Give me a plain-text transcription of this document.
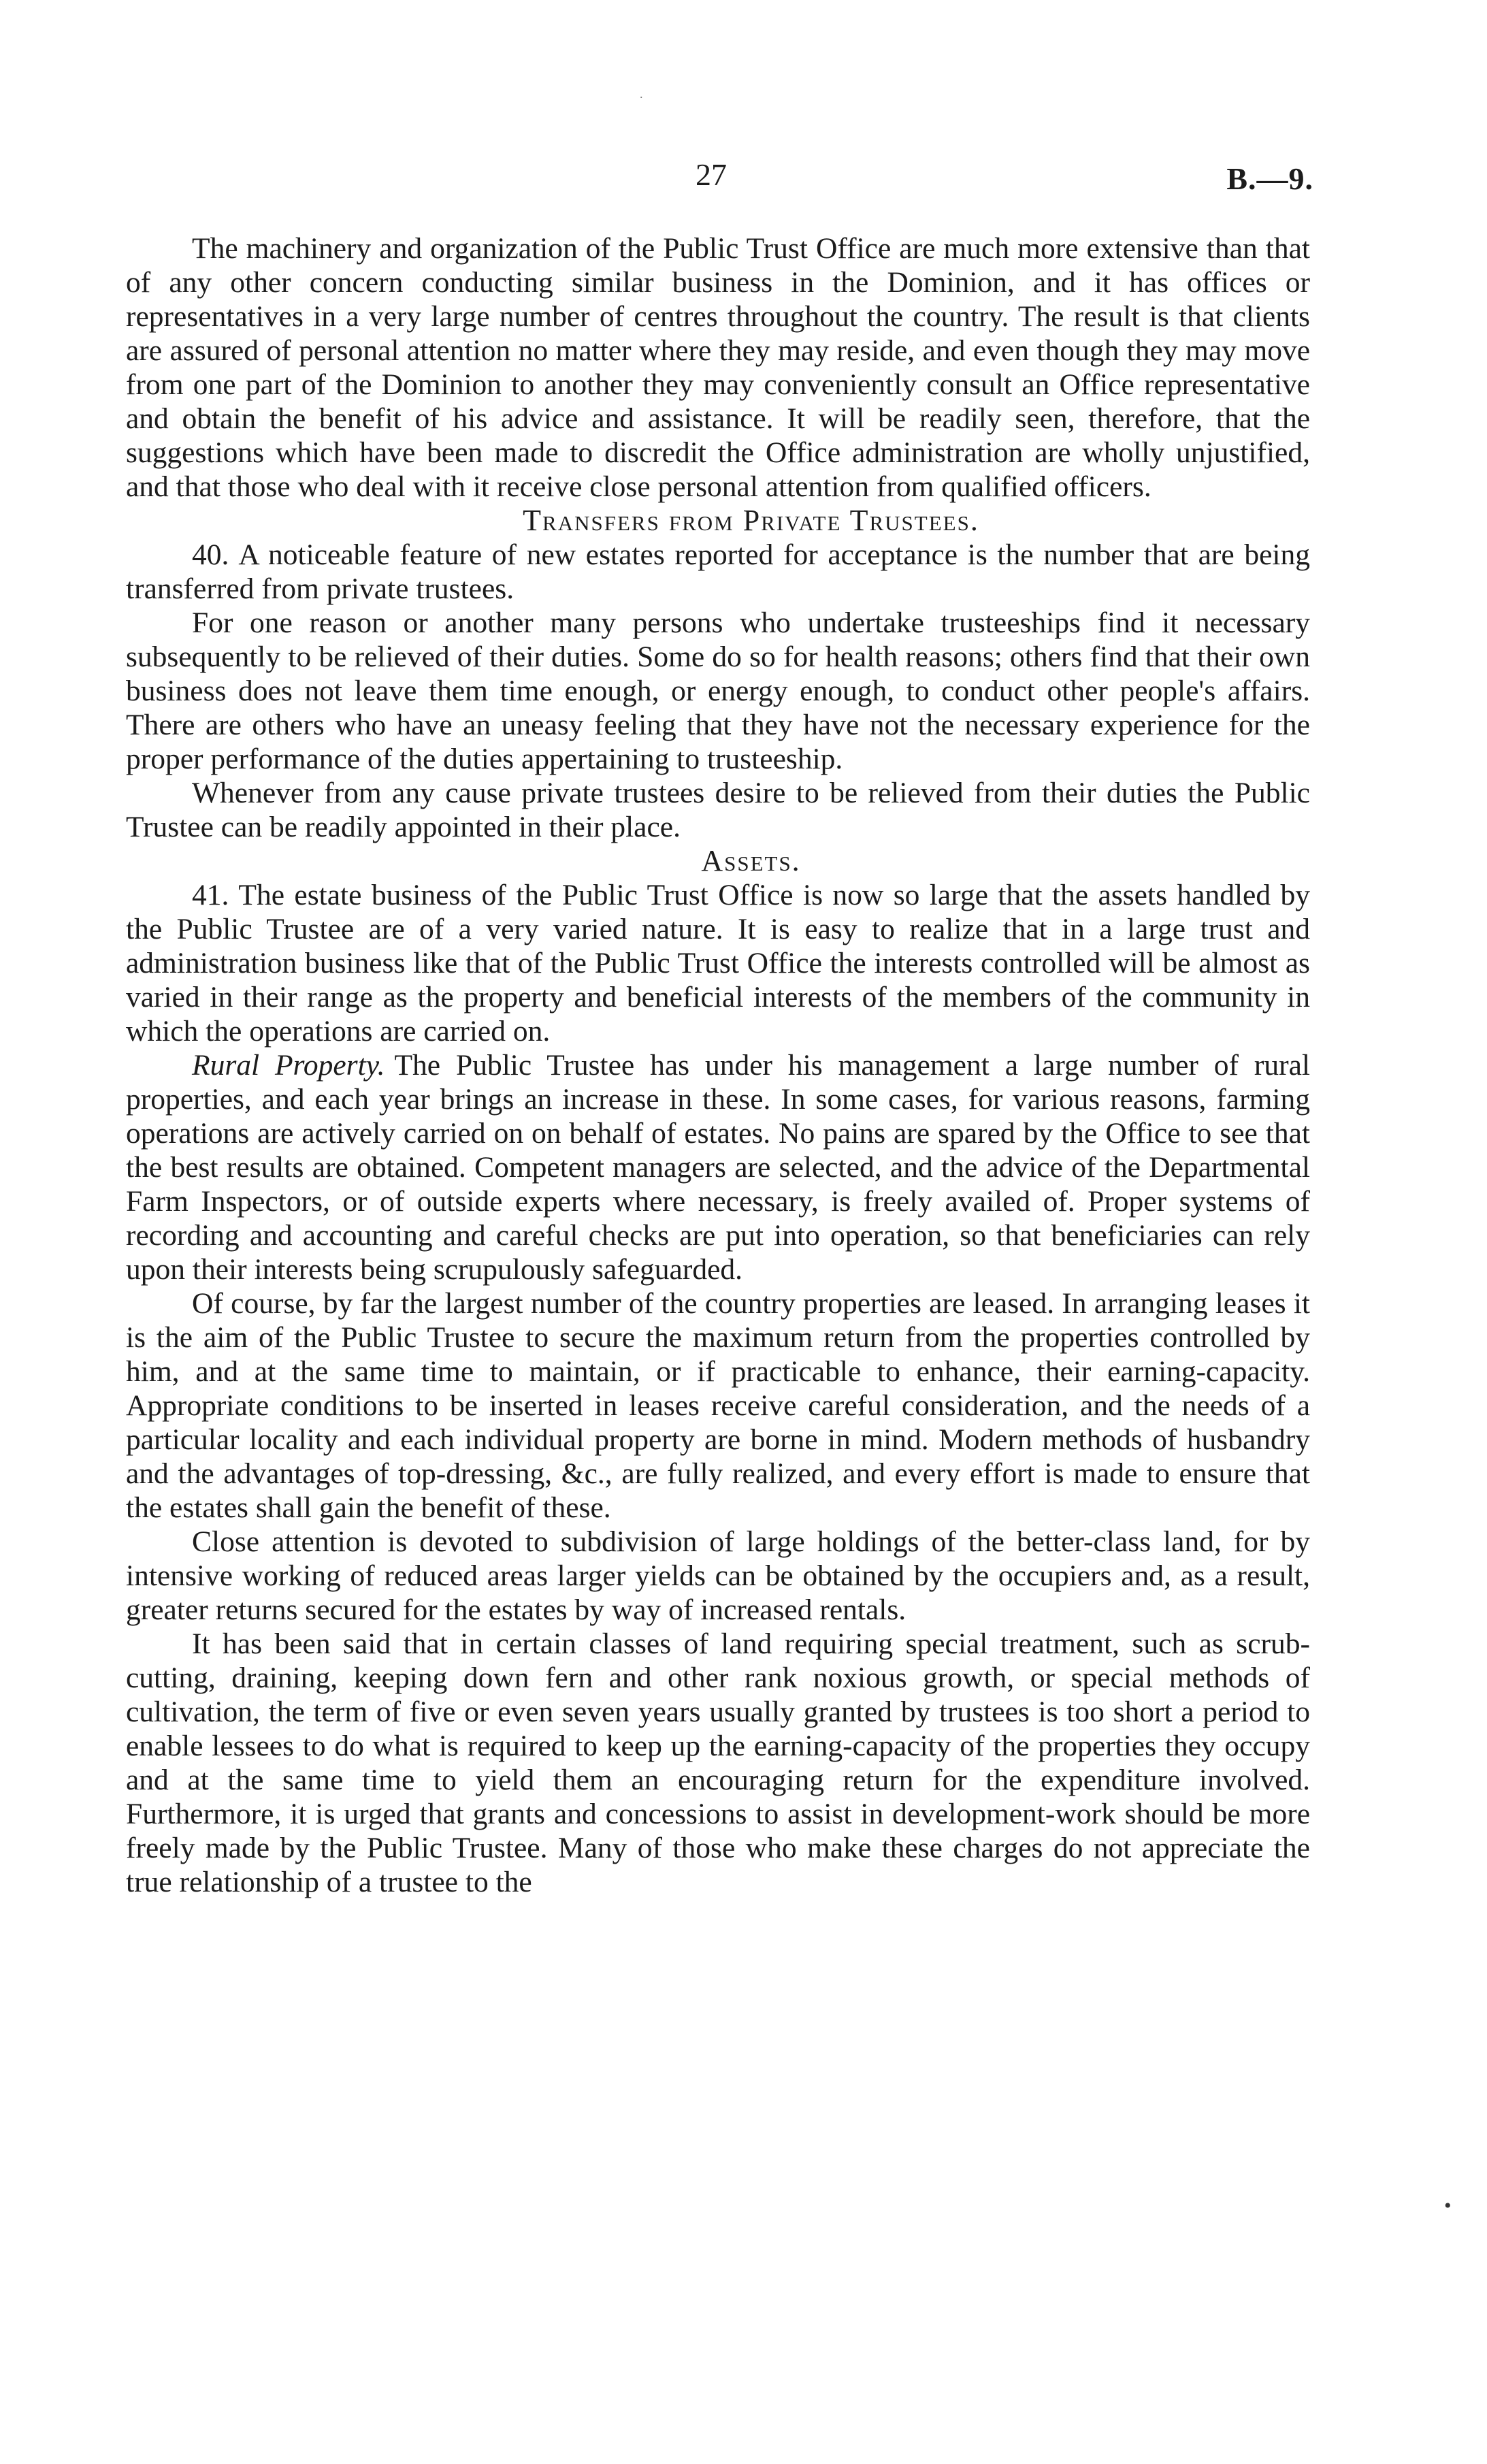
.
27	B.—9.

The machinery and organization of the Public Trust Office are much more extensive than that of any other concern conducting similar business in the Dominion, and it has offices or representatives in a very large number of centres throughout the country. The result is that clients are assured of personal attention no matter where they may reside, and even though they may move from one part of the Dominion to another they may conveniently consult an Office representative and obtain the benefit of his advice and assistance. It will be readily seen, therefore, that the suggestions which have been made to discredit the Office administration are wholly unjustified, and that those who deal with it receive close personal attention from qualified officers.

Transfers from Private Trustees.

40. A noticeable feature of new estates reported for acceptance is the number that are being transferred from private trustees.

For one reason or another many persons who undertake trusteeships find it necessary subsequently to be relieved of their duties. Some do so for health reasons; others find that their own business does not leave them time enough, or energy enough, to conduct other people's affairs. There are others who have an uneasy feeling that they have not the necessary experience for the proper performance of the duties appertaining to trusteeship.

Whenever from any cause private trustees desire to be relieved from their duties the Public Trustee can be readily appointed in their place.

Assets.

41. The estate business of the Public Trust Office is now so large that the assets handled by the Public Trustee are of a very varied nature. It is easy to realize that in a large trust and administration business like that of the Public Trust Office the interests controlled will be almost as varied in their range as the property and beneficial interests of the members of the community in which the operations are carried on.

Rural Property. The Public Trustee has under his management a large number of rural properties, and each year brings an increase in these. In some cases, for various reasons, farming operations are actively carried on on behalf of estates. No pains are spared by the Office to see that the best results are obtained. Competent managers are selected, and the advice of the Departmental Farm Inspectors, or of outside experts where necessary, is freely availed of. Proper systems of recording and accounting and careful checks are put into operation, so that beneficiaries can rely upon their interests being scrupulously safeguarded.

Of course, by far the largest number of the country properties are leased. In arranging leases it is the aim of the Public Trustee to secure the maximum return from the properties controlled by him, and at the same time to maintain, or if practicable to enhance, their earning-capacity. Appropriate conditions to be inserted in leases receive careful consideration, and the needs of a particular locality and each individual property are borne in mind. Modern methods of husbandry and the advantages of top-dressing, &c., are fully realized, and every effort is made to ensure that the estates shall gain the benefit of these.

Close attention is devoted to subdivision of large holdings of the better-class land, for by intensive working of reduced areas larger yields can be obtained by the occupiers and, as a result, greater returns secured for the estates by way of increased rentals.

It has been said that in certain classes of land requiring special treatment, such as scrub-cutting, draining, keeping down fern and other rank noxious growth, or special methods of cultivation, the term of five or even seven years usually granted by trustees is too short a period to enable lessees to do what is required to keep up the earning-capacity of the properties they occupy and at the same time to yield them an encouraging return for the expenditure involved. Furthermore, it is urged that grants and concessions to assist in development-work should be more freely made by the Public Trustee. Many of those who make these charges do not appreciate the true relationship of a trustee to the

•
